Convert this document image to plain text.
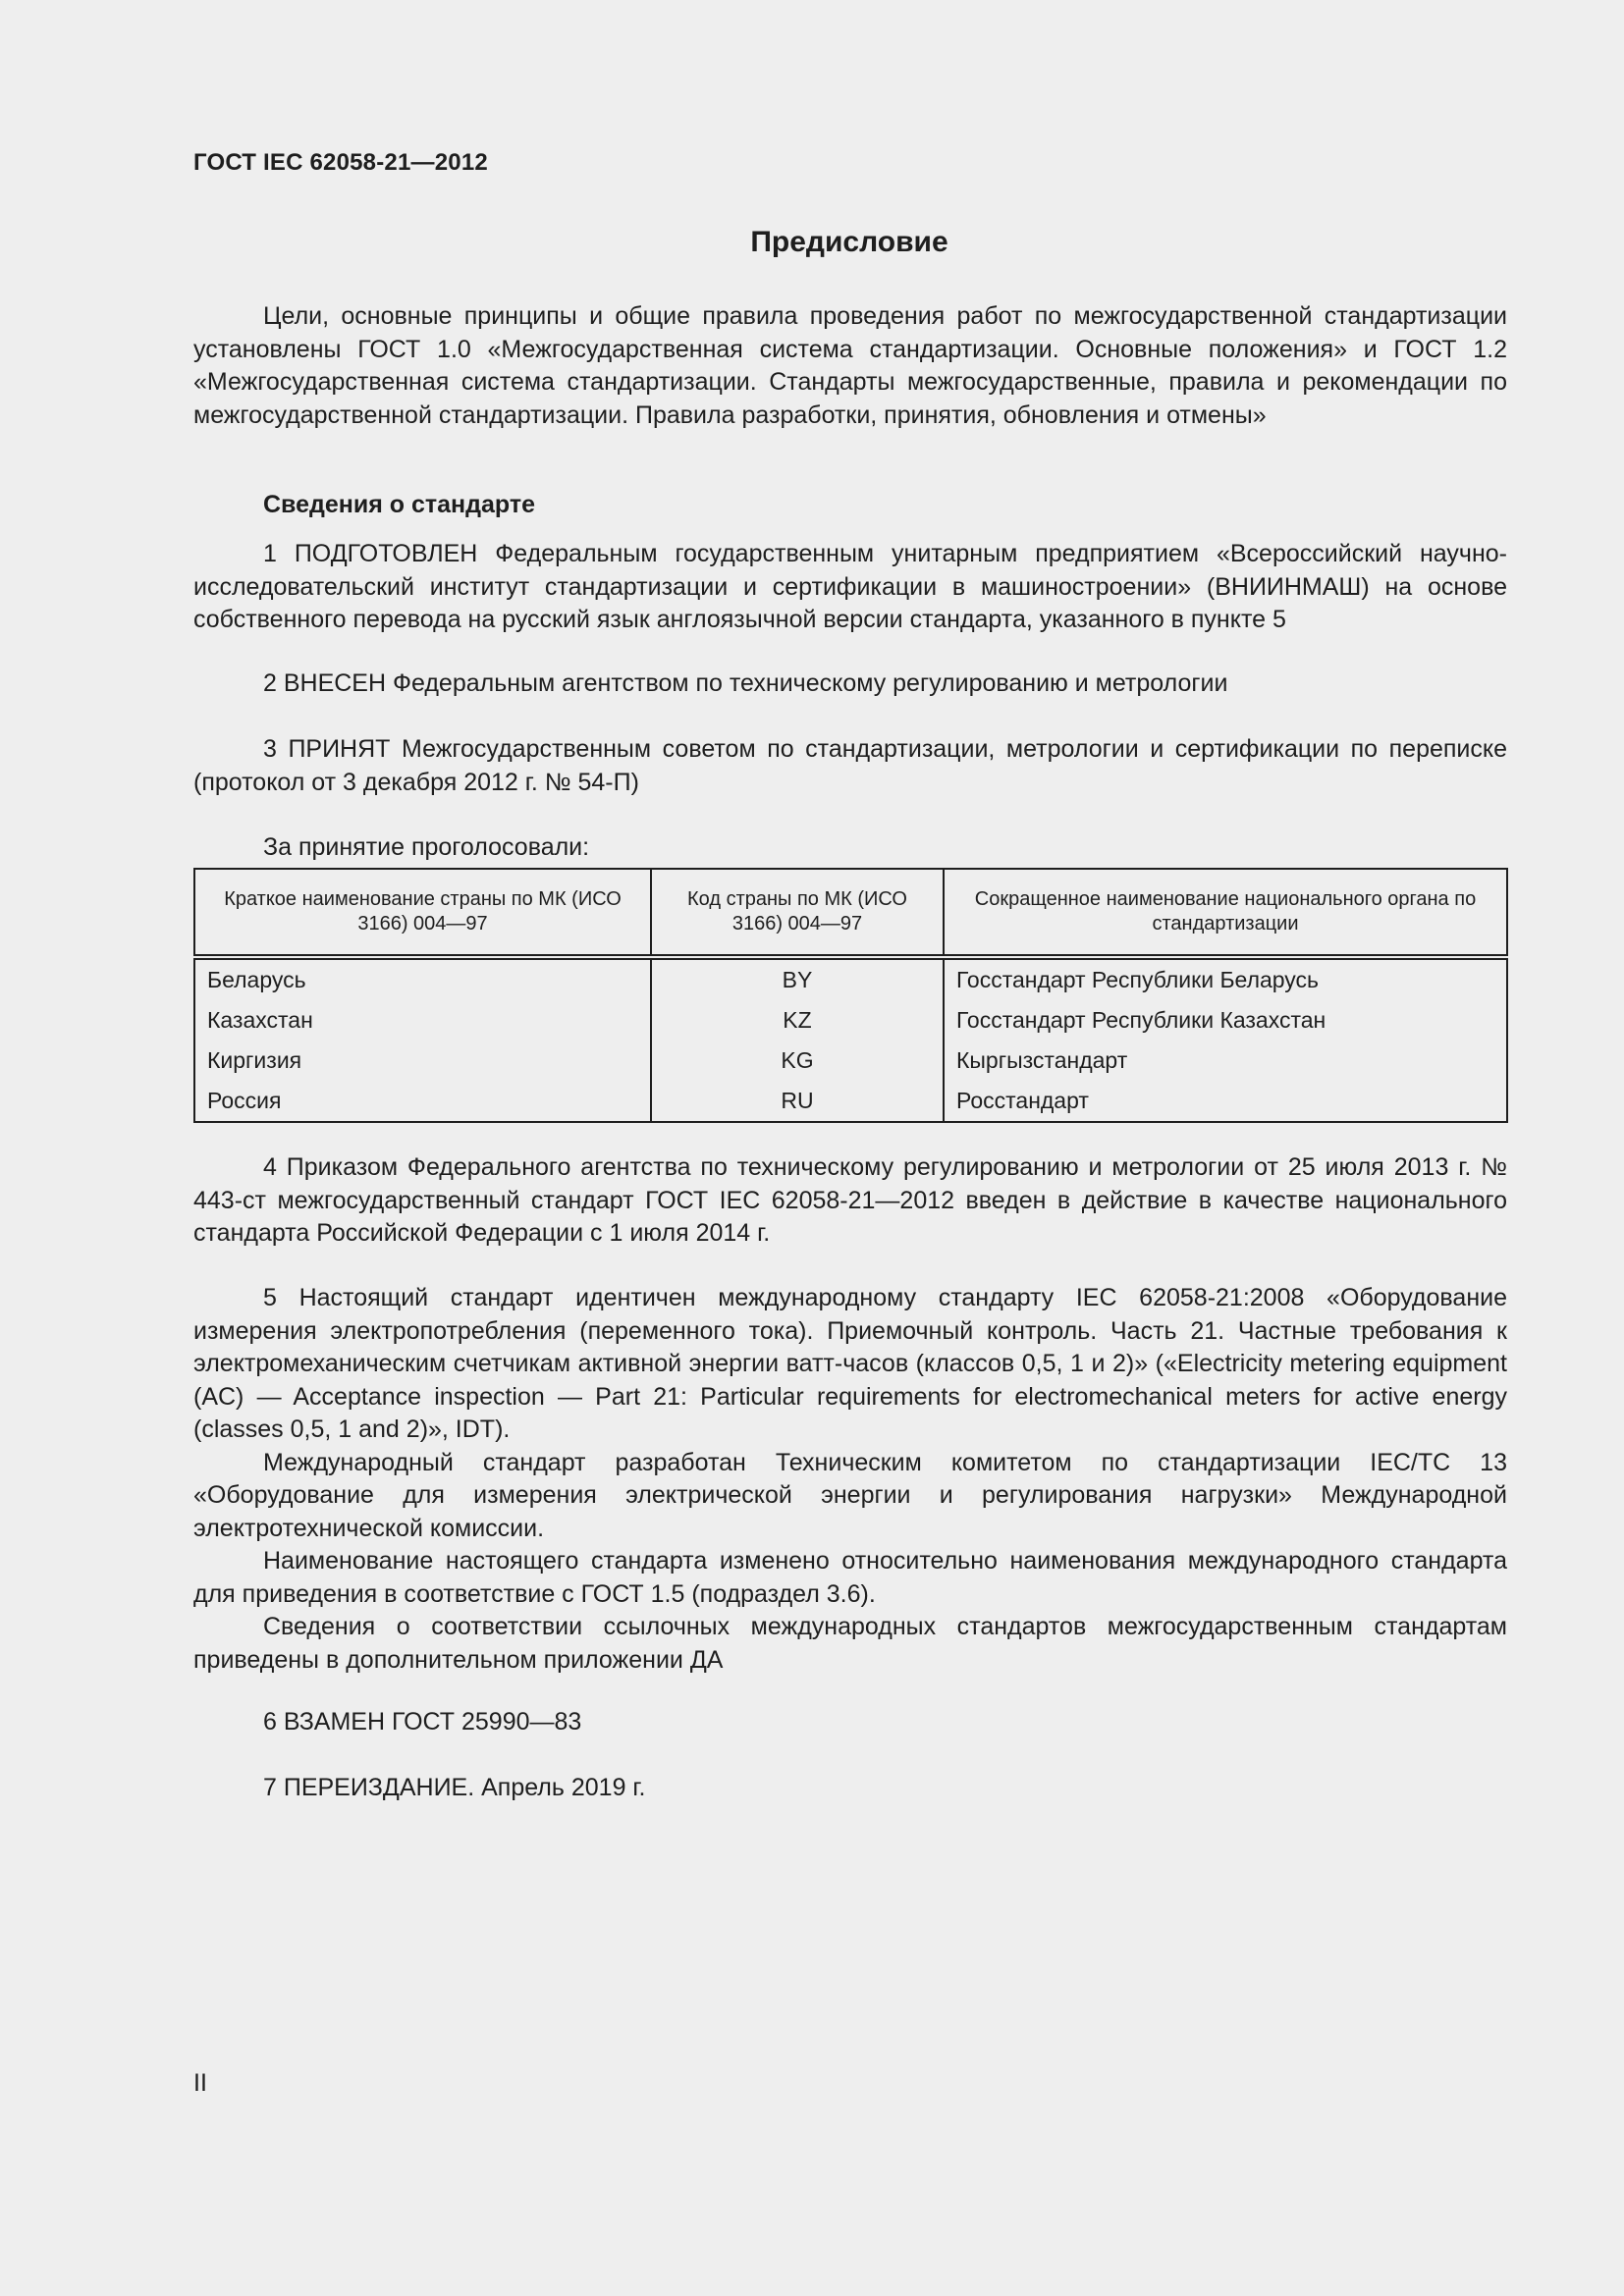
ГОСТ IEC 62058-21—2012
Предисловие

Цели, основные принципы и общие правила проведения работ по межгосударственной стандартизации установлены ГОСТ 1.0 «Межгосударственная система стандартизации. Основные положения» и ГОСТ 1.2 «Межгосударственная система стандартизации. Стандарты межгосударственные, правила и рекомендации по межгосударственной стандартизации. Правила разработки, принятия, обновления и отмены»

Сведения о стандарте

1 ПОДГОТОВЛЕН Федеральным государственным унитарным предприятием «Всероссийский научно-исследовательский институт стандартизации и сертификации в машиностроении» (ВНИИНМАШ) на основе собственного перевода на русский язык англоязычной версии стандарта, указанного в пункте 5

2 ВНЕСЕН Федеральным агентством по техническому регулированию и метрологии

3 ПРИНЯТ Межгосударственным советом по стандартизации, метрологии и сертификации по переписке (протокол от 3 декабря 2012 г. № 54-П)

За принятие проголосовали:

Краткое наименование страны по МК (ИСО 3166) 004—97	Код страны по МК (ИСО 3166) 004—97	Сокращенное наименование национального органа по стандартизации
Беларусь	BY	Госстандарт Республики Беларусь
Казахстан	KZ	Госстандарт Республики Казахстан
Киргизия	KG	Кыргызстандарт
Россия	RU	Росстандарт

4 Приказом Федерального агентства по техническому регулированию и метрологии от 25 июля 2013 г. № 443-ст межгосударственный стандарт ГОСТ IEC 62058-21—2012 введен в действие в качестве национального стандарта Российской Федерации с 1 июля 2014 г.

5 Настоящий стандарт идентичен международному стандарту IEC 62058-21:2008 «Оборудование измерения электропотребления (переменного тока). Приемочный контроль. Часть 21. Частные требования к электромеханическим счетчикам активной энергии ватт-часов (классов 0,5, 1 и 2)» («Electricity metering equipment (AC) — Acceptance inspection — Part 21: Particular requirements for electromechanical meters for active energy (classes 0,5, 1 and 2)», IDT).

Международный стандарт разработан Техническим комитетом по стандартизации IEC/TC 13 «Оборудование для измерения электрической энергии и регулирования нагрузки» Международной электротехнической комиссии.

Наименование настоящего стандарта изменено относительно наименования международного стандарта для приведения в соответствие с ГОСТ 1.5 (подраздел 3.6).

Сведения о соответствии ссылочных международных стандартов межгосударственным стандартам приведены в дополнительном приложении ДА

6 ВЗАМЕН ГОСТ 25990—83

7 ПЕРЕИЗДАНИЕ. Апрель 2019 г.

II
